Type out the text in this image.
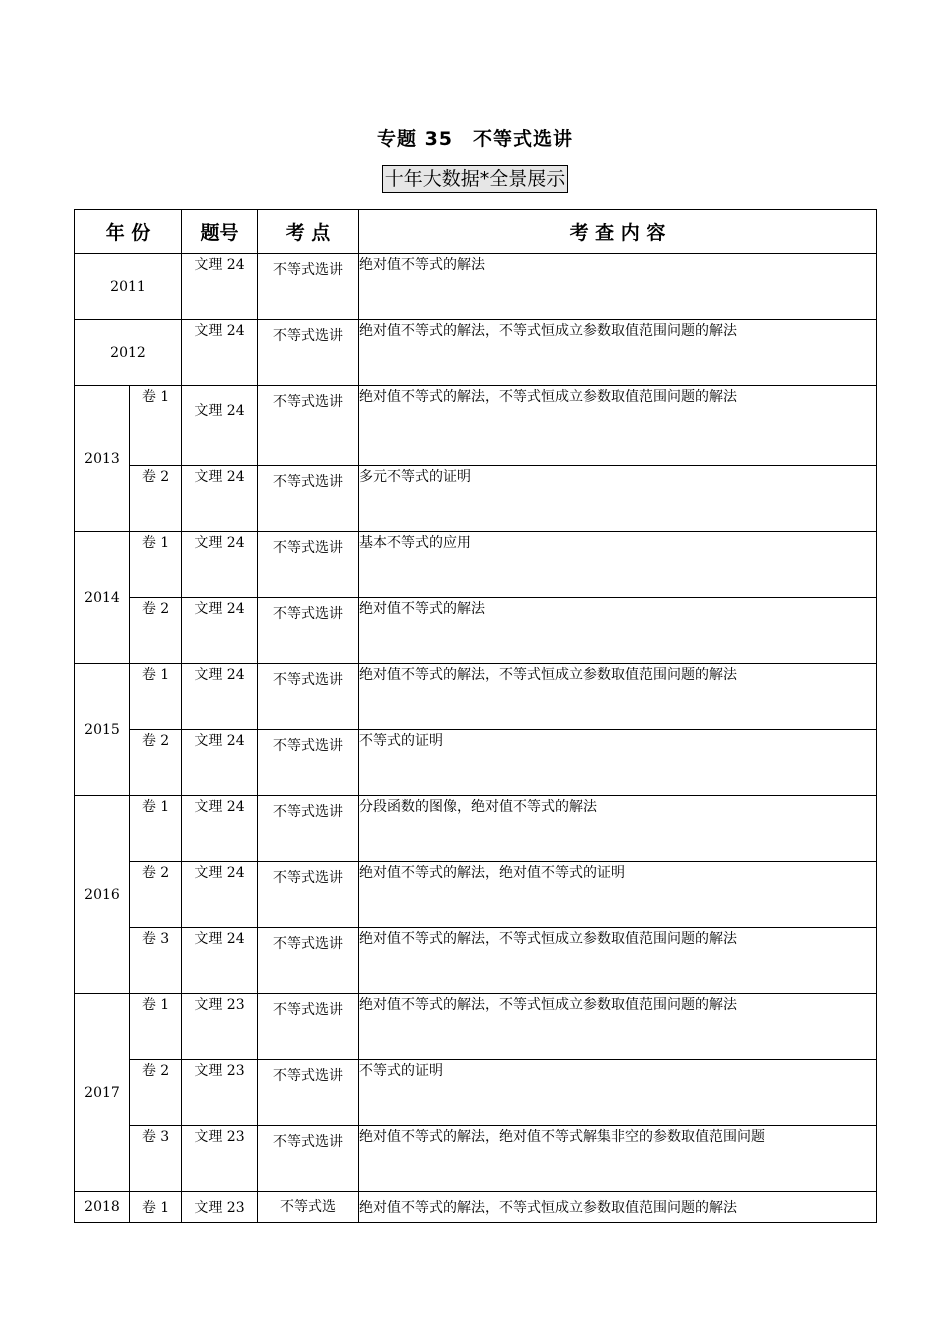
专题 35　不等式选讲
十年大数据*全景展示
年 份		题号	考 点	考 查 内 容
2011		文理 24	不等式选讲	绝对值不等式的解法
2012		文理 24	不等式选讲	绝对值不等式的解法，不等式恒成立参数取值范围问题的解法
2013	卷 1	文理 24	不等式选讲	绝对值不等式的解法，不等式恒成立参数取值范围问题的解法
	卷 2	文理 24	不等式选讲	多元不等式的证明
2014	卷 1	文理 24	不等式选讲	基本不等式的应用
	卷 2	文理 24	不等式选讲	绝对值不等式的解法
2015	卷 1	文理 24	不等式选讲	绝对值不等式的解法，不等式恒成立参数取值范围问题的解法
	卷 2	文理 24	不等式选讲	不等式的证明
2016	卷 1	文理 24	不等式选讲	分段函数的图像，绝对值不等式的解法
	卷 2	文理 24	不等式选讲	绝对值不等式的解法，绝对值不等式的证明
	卷 3	文理 24	不等式选讲	绝对值不等式的解法，不等式恒成立参数取值范围问题的解法
2017	卷 1	文理 23	不等式选讲	绝对值不等式的解法，不等式恒成立参数取值范围问题的解法
	卷 2	文理 23	不等式选讲	不等式的证明
	卷 3	文理 23	不等式选讲	绝对值不等式的解法，绝对值不等式解集非空的参数取值范围问题
2018	卷 1	文理 23	不等式选	绝对值不等式的解法，不等式恒成立参数取值范围问题的解法
